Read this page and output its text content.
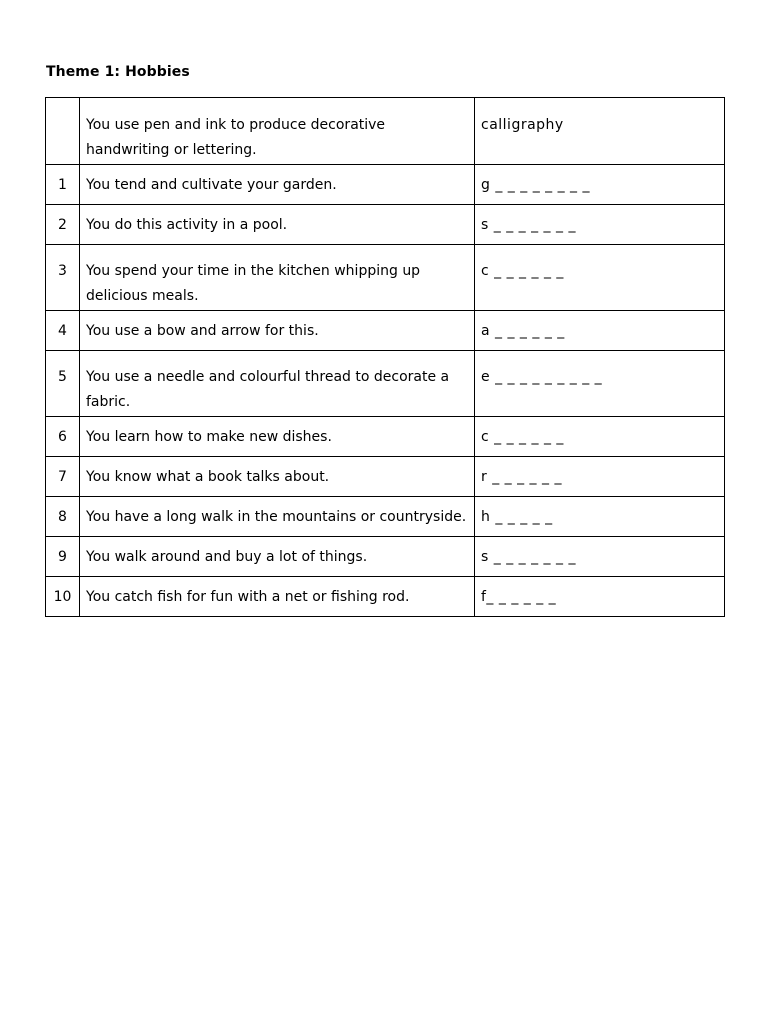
Theme 1: Hobbies
	You use pen and ink to produce decorative handwriting or lettering.	calligraphy
1	You tend and cultivate your garden.	g _ _ _ _ _ _ _ _
2	You do this activity in a pool.	s _ _ _ _ _ _ _
3	You spend your time in the kitchen whipping up delicious meals.	c _ _ _ _ _ _
4	You use a bow and arrow for this.	a _ _ _ _ _ _
5	You use a needle and colourful thread to decorate a fabric.	e _ _ _ _ _ _ _ _ _
6	You learn how to make new dishes.	c _ _ _ _ _ _
7	You know what a book talks about.	r _ _ _ _ _ _
8	You have a long walk in the mountains or countryside.	h _ _ _ _ _
9	You walk around and buy a lot of things.	s _ _ _ _ _ _ _
10	You catch fish for fun with a net or fishing rod.	f_ _ _ _ _ _
